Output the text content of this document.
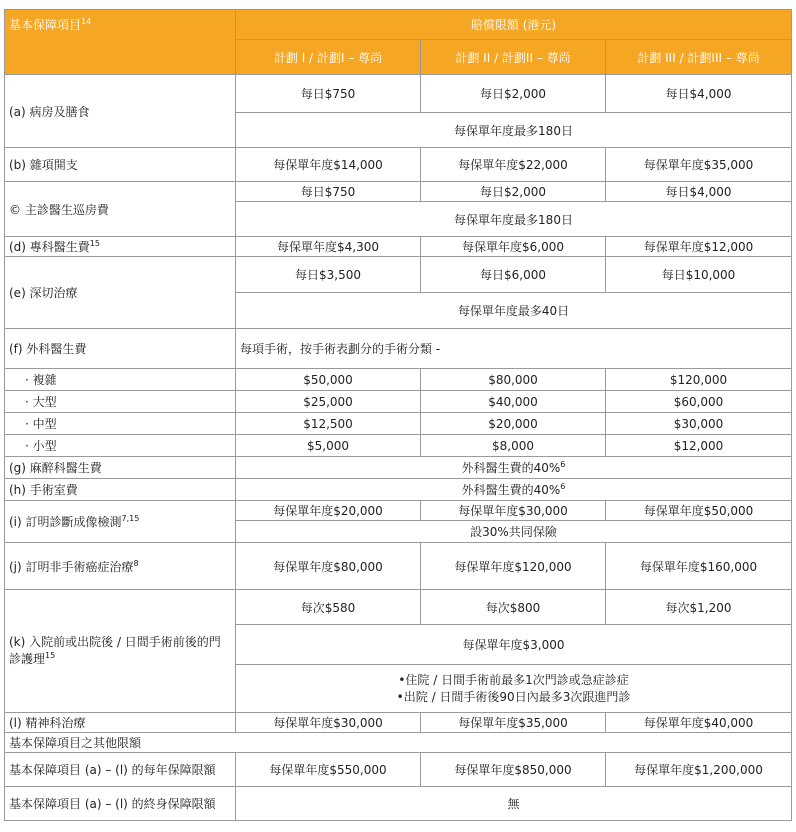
基本保障項目$^{14}$	賠償限額 (港元)		
	計劃 I / 計劃I – 尊尚	計劃 II / 計劃II – 尊尚	計劃 III / 計劃III – 尊尚
(a) 病房及膳食	每日$750	每日$2,000	每日$4,000
	每保單年度最多180日		
(b) 雜項開支	每保單年度$14,000	每保單年度$22,000	每保單年度$35,000
© 主診醫生巡房費	每日$750	每日$2,000	每日$4,000
	每保單年度最多180日		
(d) 專科醫生費$^{15}$	每保單年度$4,300	每保單年度$6,000	每保單年度$12,000
(e) 深切治療	每日$3,500	每日$6,000	每日$10,000
	每保單年度最多40日		
(f) 外科醫生費	每項手術，按手術表劃分的手術分類 -		
· 複雜	$50,000	$80,000	$120,000
· 大型	$25,000	$40,000	$60,000
· 中型	$12,500	$20,000	$30,000
· 小型	$5,000	$8,000	$12,000
(g) 麻醉科醫生費	外科醫生費的40%$^6$
(h) 手術室費	外科醫生費的40%$^6$
(i) 訂明診斷成像檢測$^{7,15}$	每保單年度$20,000	每保單年度$30,000	每保單年度$50,000
	設30%共同保險		
(j) 訂明非手術癌症治療$^8$	每保單年度$80,000	每保單年度$120,000	每保單年度$160,000
(k) 入院前或出院後 / 日間手術前後的門診護理$^{15}$	每次$580	每次$800	每次$1,200
	每保單年度$3,000		

	•住院 / 日間手術前最多1次門診或急症診症
•出院 / 日間手術後90日內最多3次跟進門診		

(l) 精神科治療	每保單年度$30,000	每保單年度$35,000	每保單年度$40,000
基本保障項目之其他限額			
基本保障項目 (a) – (l) 的每年保障限額	每保單年度$550,000	每保單年度$850,000	每保單年度$1,200,000
基本保障項目 (a) – (l) 的終身保障限額	無		
